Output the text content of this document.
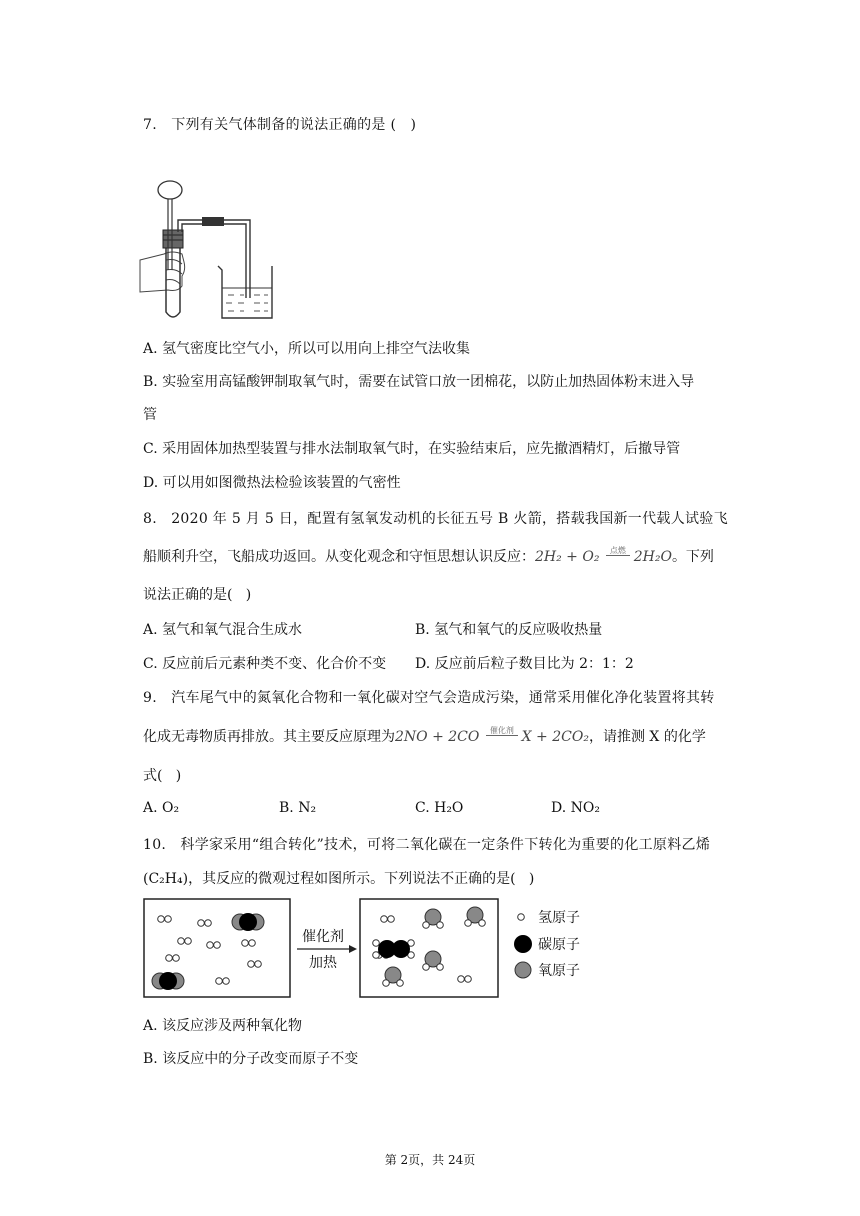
7.   下列有关气体制备的说法正确的是 (   )
A. 氢气密度比空气小，所以可以用向上排空气法收集
B. 实验室用高锰酸钾制取氧气时，需要在试管口放一团棉花，以防止加热固体粉末进入导
管
C. 采用固体加热型装置与排水法制取氧气时，在实验结束后，应先撤酒精灯，后撤导管
D. 可以用如图微热法检验该装置的气密性
8.   2020 年 5 月 5 日，配置有氢氧发动机的长征五号 B 火箭，搭载我国新一代载人试验飞
船顺利升空，飞船成功返回。从变化观念和守恒思想认识反应：2H₂ + O₂ 点燃 2H₂O。下列
说法正确的是(   )
A. 氢气和氧气混合生成水	B. 氢气和氧气的反应吸收热量
C. 反应前后元素种类不变、化合价不变 D. 反应前后粒子数目比为 2：1：2
9.   汽车尾气中的氮氧化合物和一氧化碳对空气会造成污染，通常采用催化净化装置将其转
化成无毒物质再排放。其主要反应原理为2NO + 2CO 催化剂 X + 2CO₂，请推测 X 的化学
式(   )
A. O₂	B. N₂	C. H₂O	D. NO₂
10.   科学家采用“组合转化”技术，可将二氧化碳在一定条件下转化为重要的化工原料乙烯
(C₂H₄)，其反应的微观过程如图所示。下列说法不正确的是(   )
催化剂
加热
氢原子
碳原子
氧原子
A. 该反应涉及两种氧化物
B. 该反应中的分子改变而原子不变
第 2页，共 24页
